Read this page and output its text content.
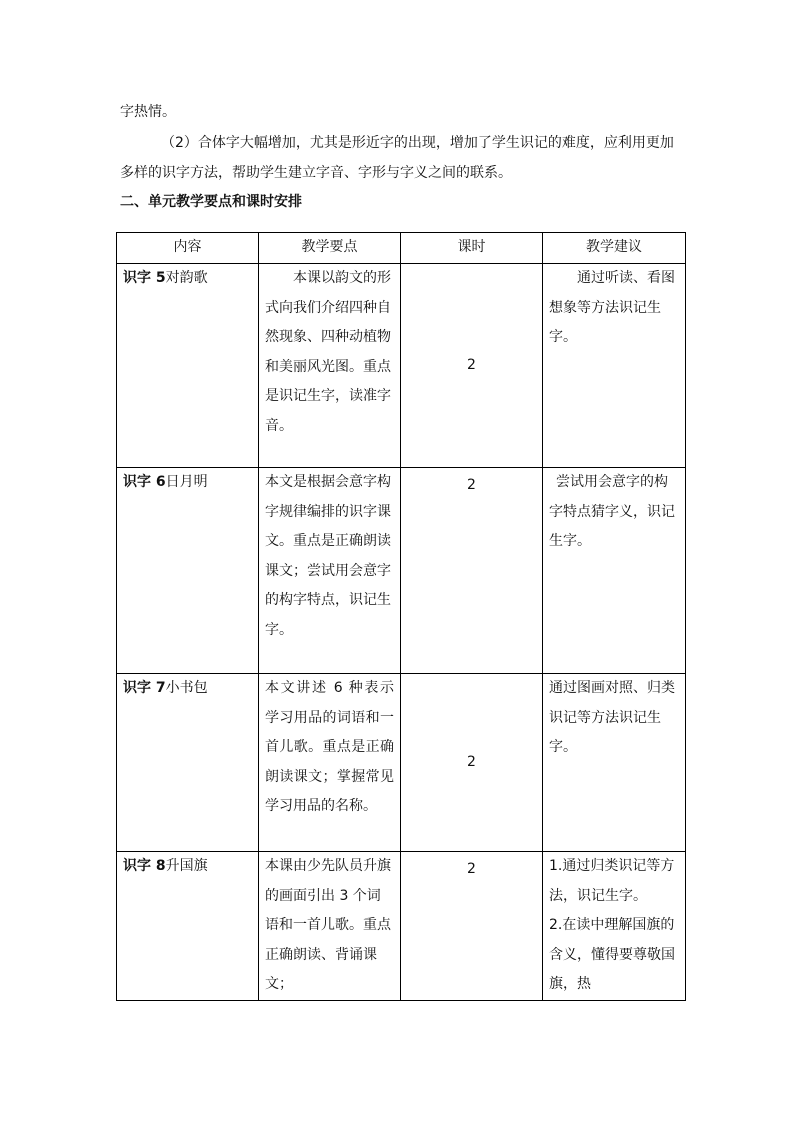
字热情。

（2）合体字大幅增加，尤其是形近字的出现，增加了学生识记的难度，应利用更加多样的识字方法，帮助学生建立字音、字形与字义之间的联系。

二、单元教学要点和课时安排

内容	教学要点	课时	教学建议
识字 5对韵歌	本课以韵文的形式向我们介绍四种自然现象、四种动植物和美丽风光图。重点是识记生字，读准字音。	2	通过听读、看图想象等方法识记生字。
识字 6日月明	本文是根据会意字构字规律编排的识字课文。重点是正确朗读课文；尝试用会意字的构字特点，识记生字。	2	尝试用会意字的构字特点猜字义，识记生字。
识字 7小书包	本文讲述 6 种表示学习用品的词语和一首儿歌。重点是正确朗读课文；掌握常见学习用品的名称。	2	通过图画对照、归类识记等方法识记生字。
识字 8升国旗	本课由少先队员升旗的画面引出 3 个词语和一首儿歌。重点正确朗读、背诵课文；	2	1.通过归类识记等方法，识记生字。
2.在读中理解国旗的含义，懂得要尊敬国旗，热
